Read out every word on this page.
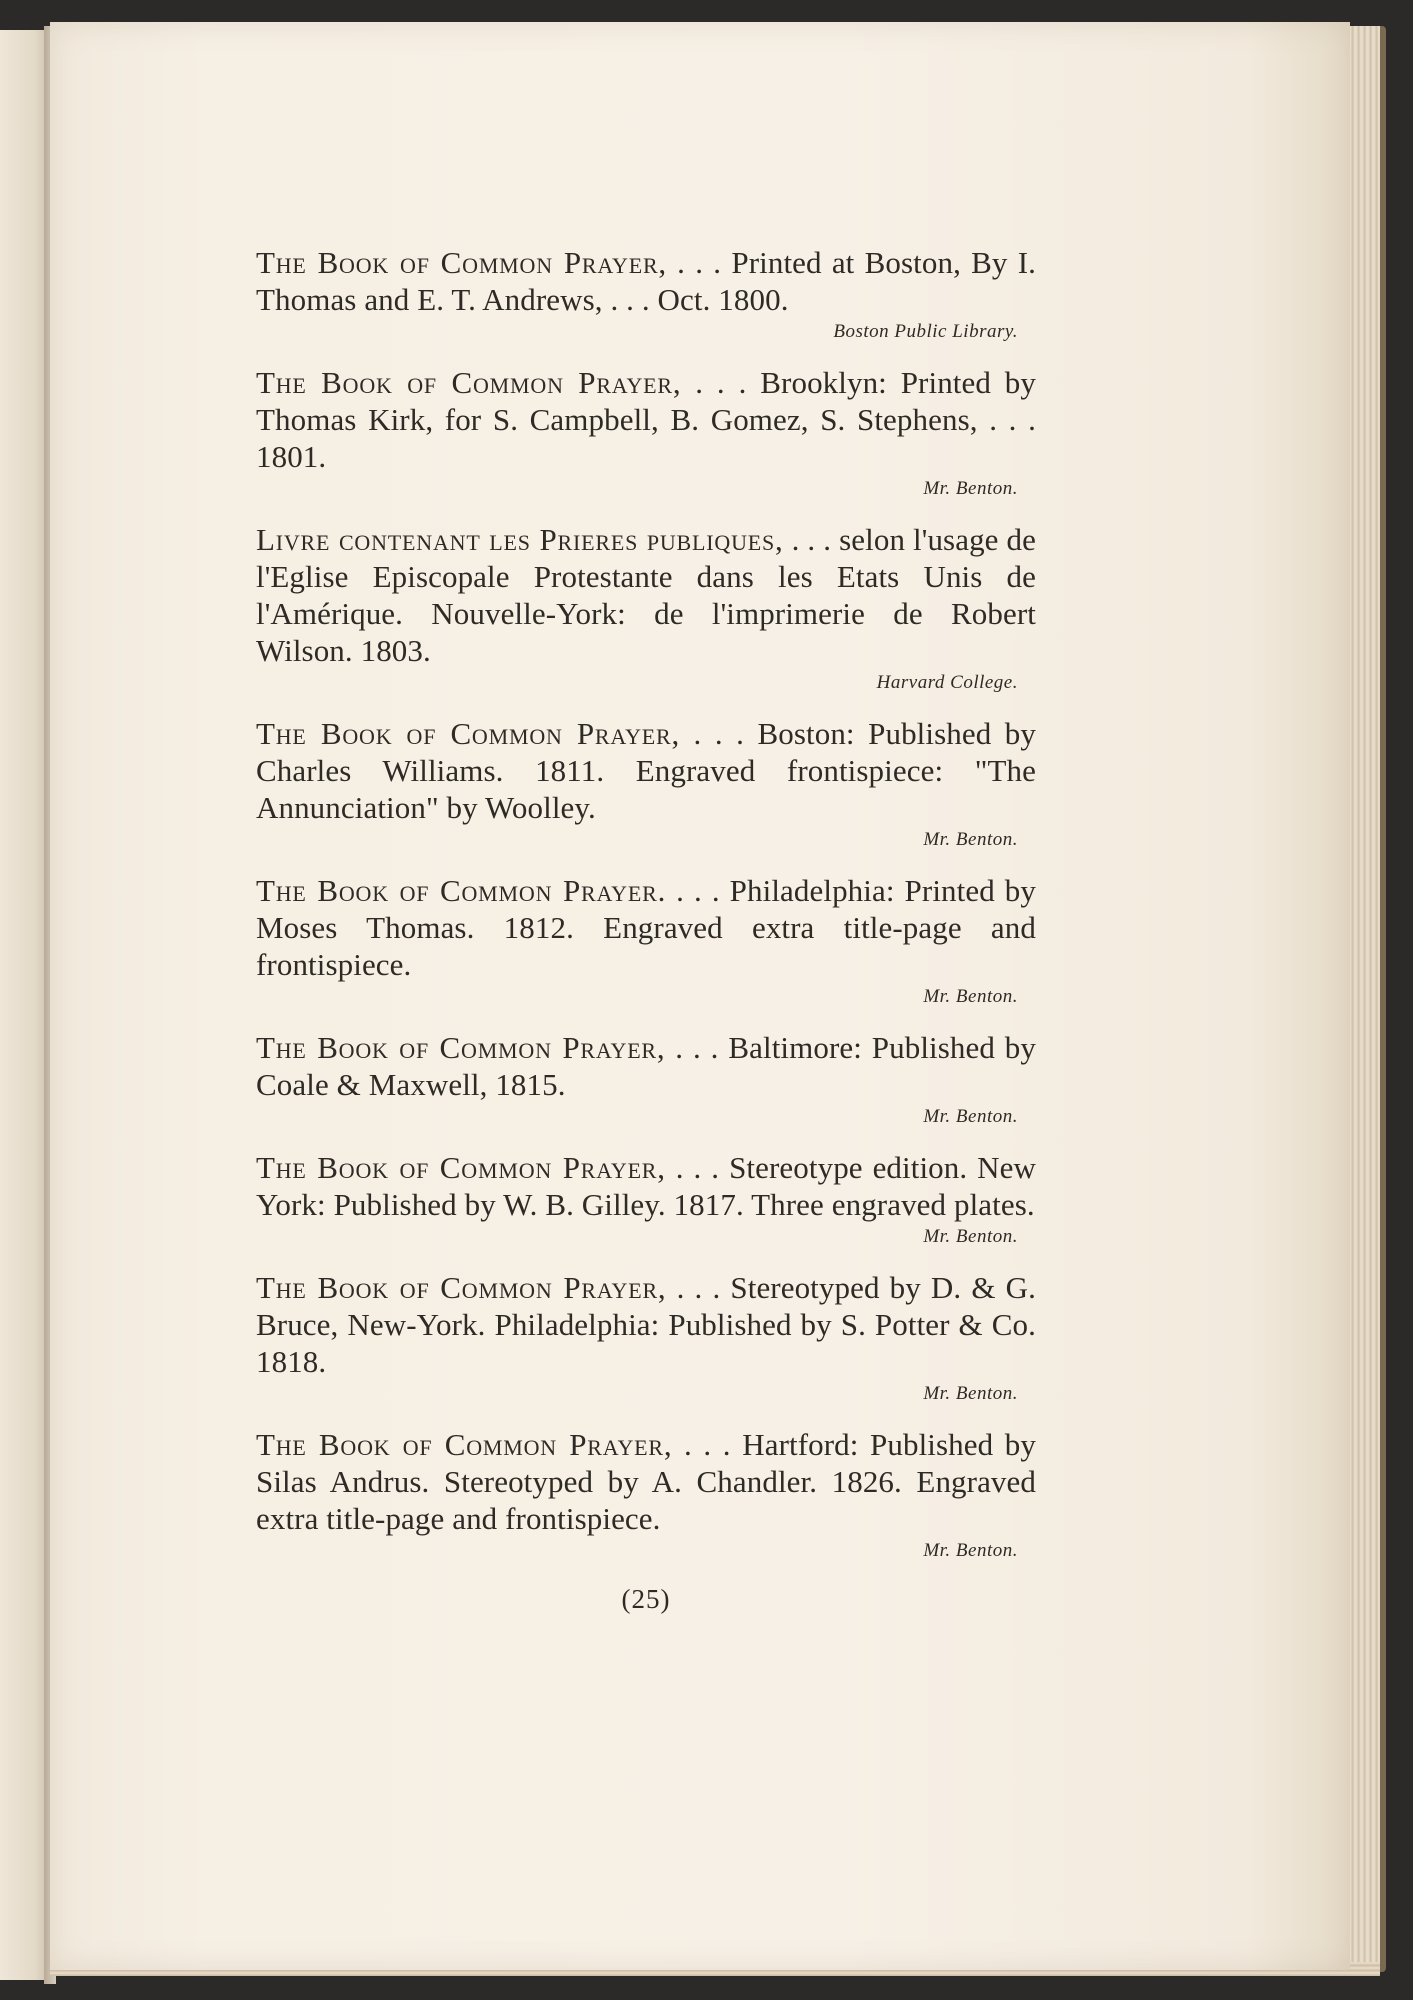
The Book of Common Prayer, . . . Printed at Boston, By I. Thomas and E. T. Andrews, . . . Oct. 1800.

Boston Public Library.

The Book of Common Prayer, . . . Brooklyn: Printed by Thomas Kirk, for S. Campbell, B. Gomez, S. Stephens, . . . 1801.

Mr. Benton.

Livre contenant les Prieres publiques, . . . selon l'usage de l'Eglise Episcopale Protestante dans les Etats Unis de l'Amérique. Nouvelle-York: de l'imprimerie de Robert Wilson. 1803.

Harvard College.

The Book of Common Prayer, . . . Boston: Published by Charles Williams. 1811. Engraved frontispiece: "The Annunciation" by Woolley.

Mr. Benton.

The Book of Common Prayer. . . . Philadelphia: Printed by Moses Thomas. 1812. Engraved extra title-page and frontispiece.

Mr. Benton.

The Book of Common Prayer, . . . Baltimore: Published by Coale & Maxwell, 1815.

Mr. Benton.

The Book of Common Prayer, . . . Stereotype edition. New York: Published by W. B. Gilley. 1817. Three engraved plates.

Mr. Benton.

The Book of Common Prayer, . . . Stereotyped by D. & G. Bruce, New-York. Philadelphia: Published by S. Potter & Co. 1818.

Mr. Benton.

The Book of Common Prayer, . . . Hartford: Published by Silas Andrus. Stereotyped by A. Chandler. 1826. Engraved extra title-page and frontispiece.

Mr. Benton.
(25)
